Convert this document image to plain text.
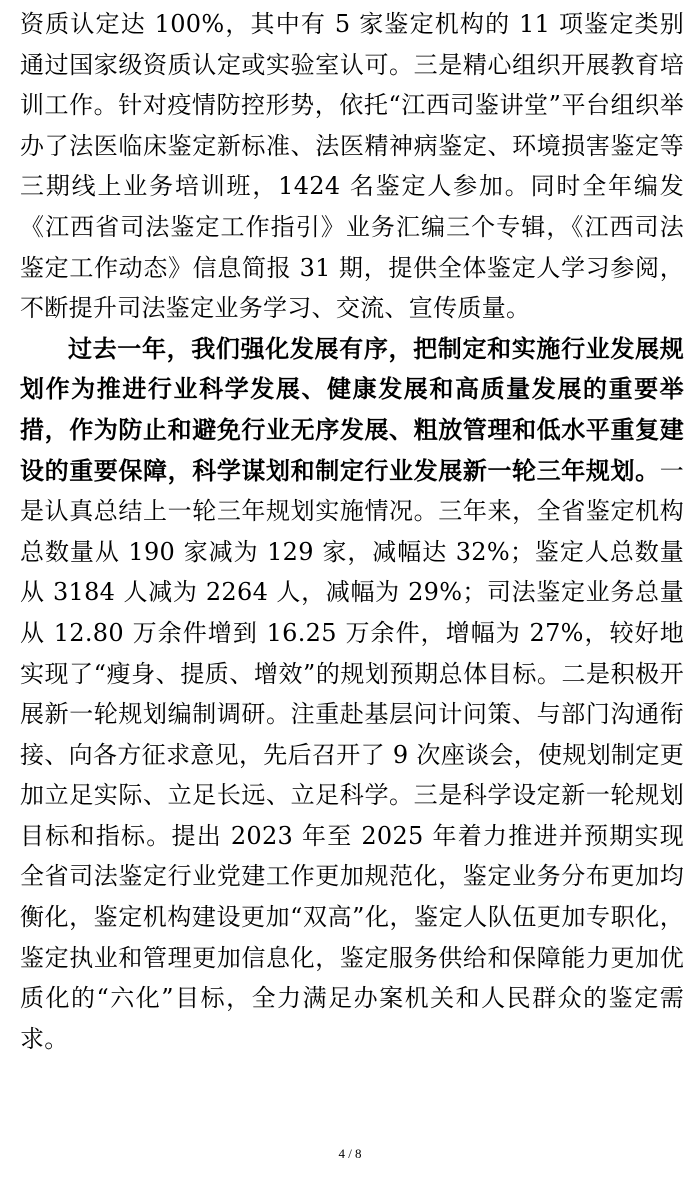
资质认定达 100%，其中有 5 家鉴定机构的 11 项鉴定类别通过国家级资质认定或实验室认可。三是精心组织开展教育培训工作。针对疫情防控形势，依托“江西司鉴讲堂”平台组织举办了法医临床鉴定新标准、法医精神病鉴定、环境损害鉴定等三期线上业务培训班，1424 名鉴定人参加。同时全年编发《江西省司法鉴定工作指引》业务汇编三个专辑，《江西司法鉴定工作动态》信息简报 31 期，提供全体鉴定人学习参阅，不断提升司法鉴定业务学习、交流、宣传质量。

过去一年，我们强化发展有序，把制定和实施行业发展规划作为推进行业科学发展、健康发展和高质量发展的重要举措，作为防止和避免行业无序发展、粗放管理和低水平重复建设的重要保障，科学谋划和制定行业发展新一轮三年规划。一是认真总结上一轮三年规划实施情况。三年来，全省鉴定机构总数量从 190 家减为 129 家，减幅达 32%；鉴定人总数量从 3184 人减为 2264 人，减幅为 29%；司法鉴定业务总量从 12.80 万余件增到 16.25 万余件，增幅为 27%，较好地实现了“瘦身、提质、增效”的规划预期总体目标。二是积极开展新一轮规划编制调研。注重赴基层问计问策、与部门沟通衔接、向各方征求意见，先后召开了 9 次座谈会，使规划制定更加立足实际、立足长远、立足科学。三是科学设定新一轮规划目标和指标。提出 2023 年至 2025 年着力推进并预期实现全省司法鉴定行业党建工作更加规范化，鉴定业务分布更加均衡化，鉴定机构建设更加“双高”化，鉴定人队伍更加专职化，鉴定执业和管理更加信息化，鉴定服务供给和保障能力更加优质化的“六化”目标，全力满足办案机关和人民群众的鉴定需求。

4 / 8
